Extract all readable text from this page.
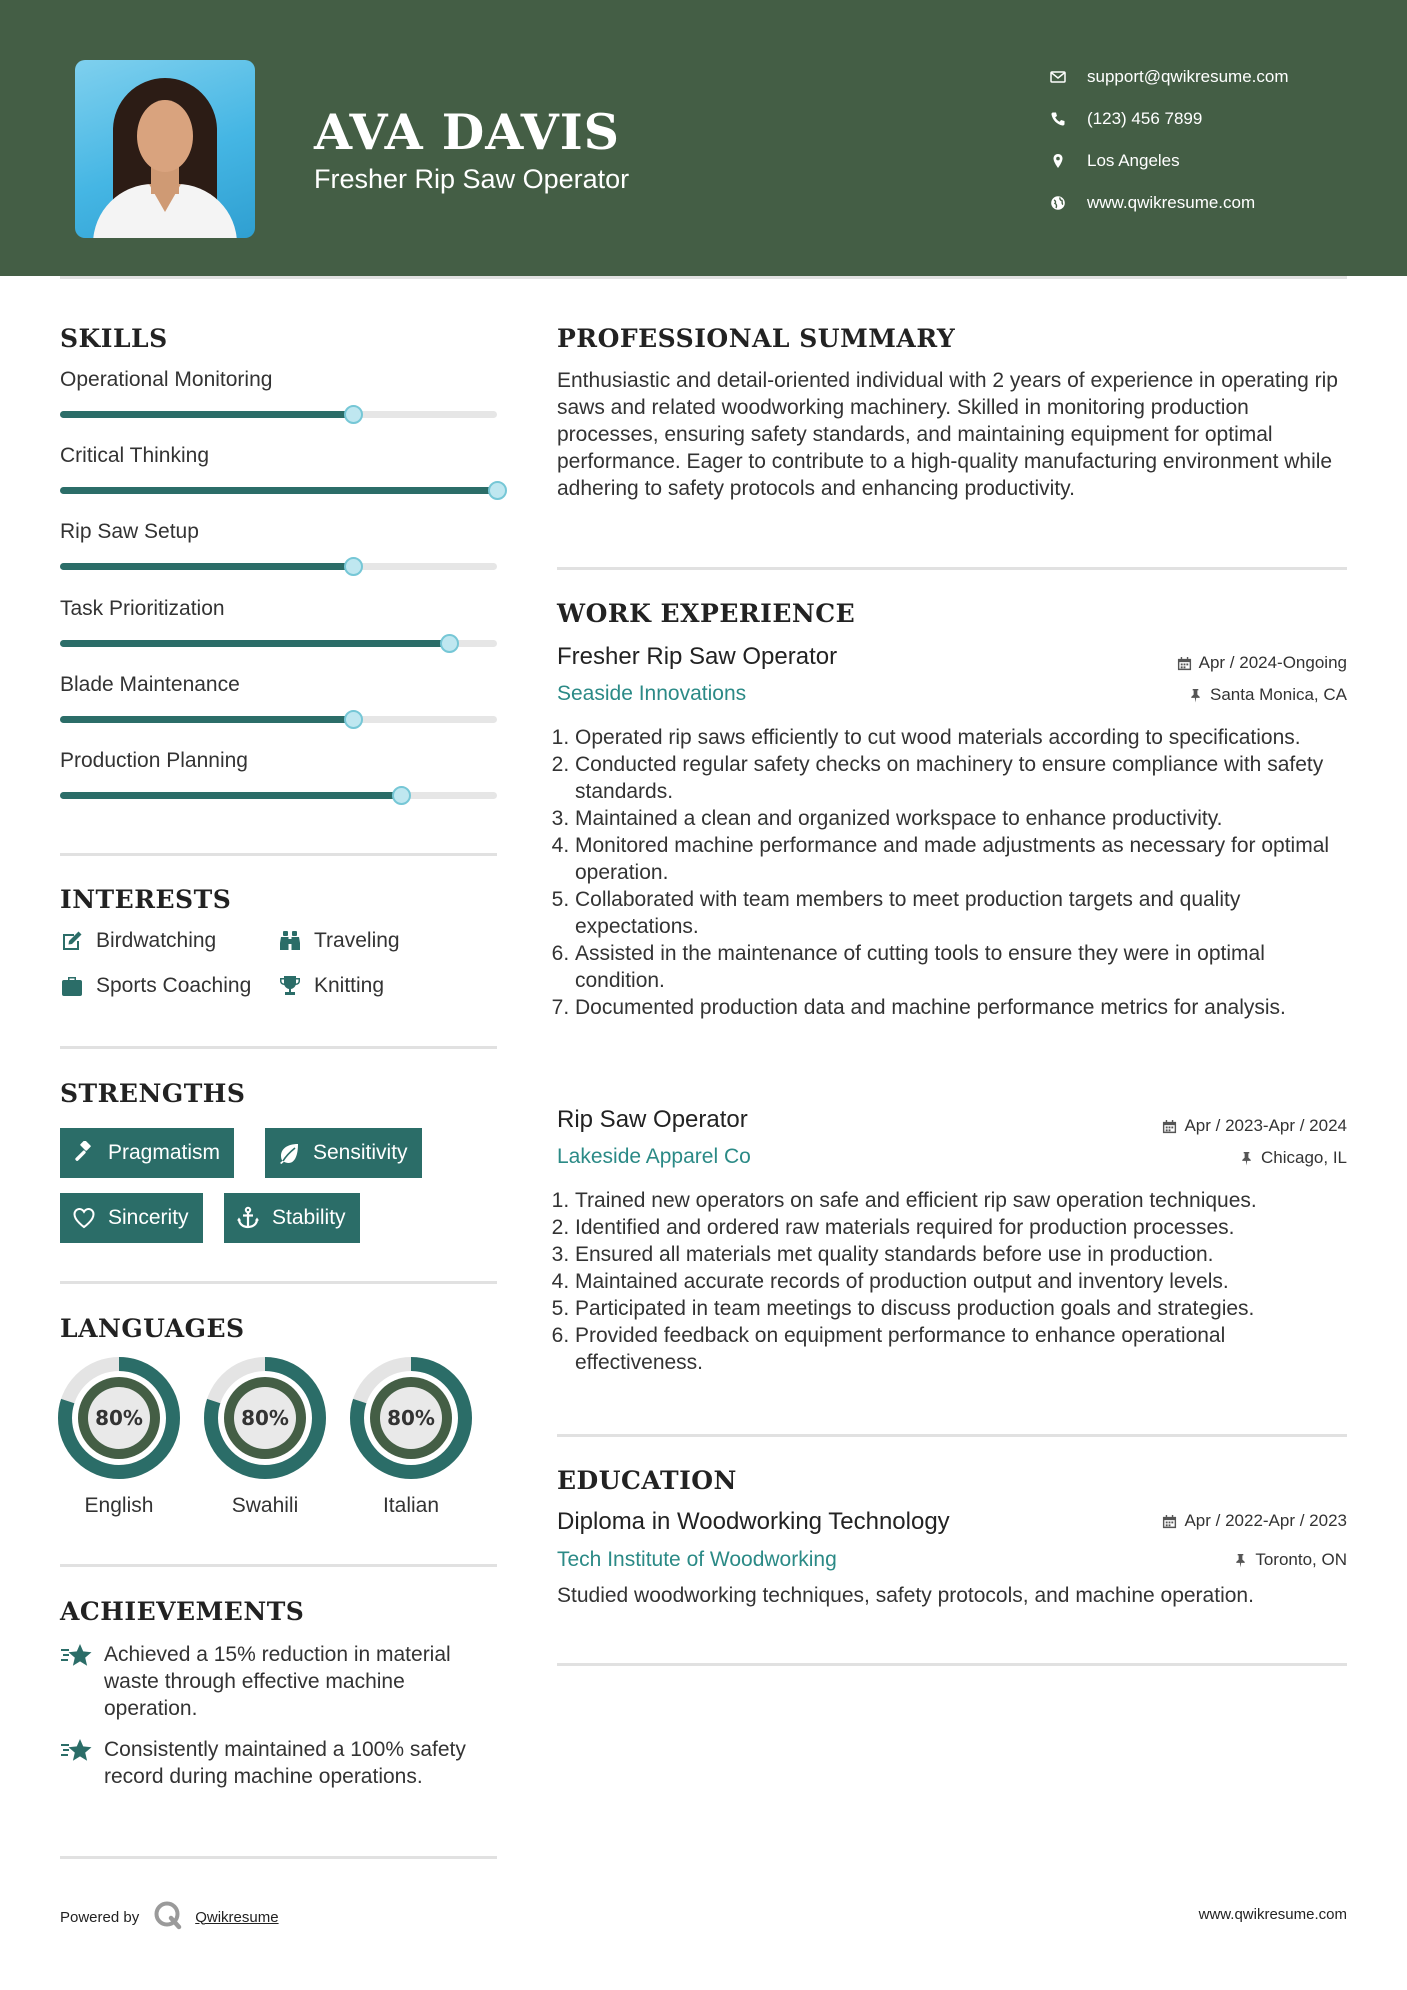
AVA DAVIS
Fresher Rip Saw Operator
support@qwikresume.com
(123) 456 7899
Los Angeles
www.qwikresume.com
SKILLS
Operational Monitoring
Critical Thinking
Rip Saw Setup
Task Prioritization
Blade Maintenance
Production Planning
INTERESTS
Birdwatching	Traveling
Sports Coaching	Knitting
STRENGTHS
Pragmatism	Sensitivity
Sincerity	Stability
LANGUAGES
80%
English
80%
Swahili
80%
Italian
ACHIEVEMENTS
Achieved a 15% reduction in material waste through effective machine operation.
Consistently maintained a 100% safety record during machine operations.
PROFESSIONAL SUMMARY
Enthusiastic and detail-oriented individual with 2 years of experience in operating rip saws and related woodworking machinery. Skilled in monitoring production processes, ensuring safety standards, and maintaining equipment for optimal performance. Eager to contribute to a high-quality manufacturing environment while adhering to safety protocols and enhancing productivity.
WORK EXPERIENCE
Fresher Rip Saw Operator	Apr / 2024-Ongoing
Seaside Innovations	Santa Monica, CA
1. Operated rip saws efficiently to cut wood materials according to specifications.
2. Conducted regular safety checks on machinery to ensure compliance with safety standards.
3. Maintained a clean and organized workspace to enhance productivity.
4. Monitored machine performance and made adjustments as necessary for optimal operation.
5. Collaborated with team members to meet production targets and quality expectations.
6. Assisted in the maintenance of cutting tools to ensure they were in optimal condition.
7. Documented production data and machine performance metrics for analysis.
Rip Saw Operator	Apr / 2023-Apr / 2024
Lakeside Apparel Co	Chicago, IL
1. Trained new operators on safe and efficient rip saw operation techniques.
2. Identified and ordered raw materials required for production processes.
3. Ensured all materials met quality standards before use in production.
4. Maintained accurate records of production output and inventory levels.
5. Participated in team meetings to discuss production goals and strategies.
6. Provided feedback on equipment performance to enhance operational effectiveness.
EDUCATION
Diploma in Woodworking Technology	Apr / 2022-Apr / 2023
Tech Institute of Woodworking	Toronto, ON
Studied woodworking techniques, safety protocols, and machine operation.
Powered by	Qwikresume	www.qwikresume.com
